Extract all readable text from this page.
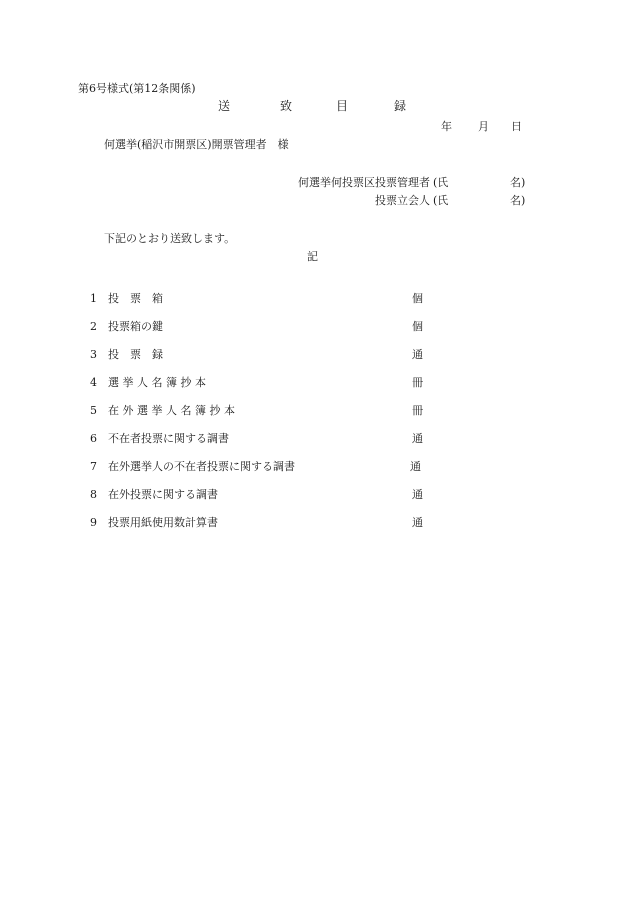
第6号様式(第12条関係)
送	致	目	録
年 月 日
何選挙(稲沢市開票区)開票管理者　様
何選挙何投票区投票管理者 (氏	名)
投票立会人 (氏	名)
下記のとおり送致します。
記
1 投　票　箱	個
2 投票箱の鍵	個
3 投　票　録	通
4 選 挙 人 名 簿 抄 本	冊
5 在 外 選 挙 人 名 簿 抄 本	冊
6 不在者投票に関する調書	通
7 在外選挙人の不在者投票に関する調書	通
8 在外投票に関する調書	通
9 投票用紙使用数計算書	通
